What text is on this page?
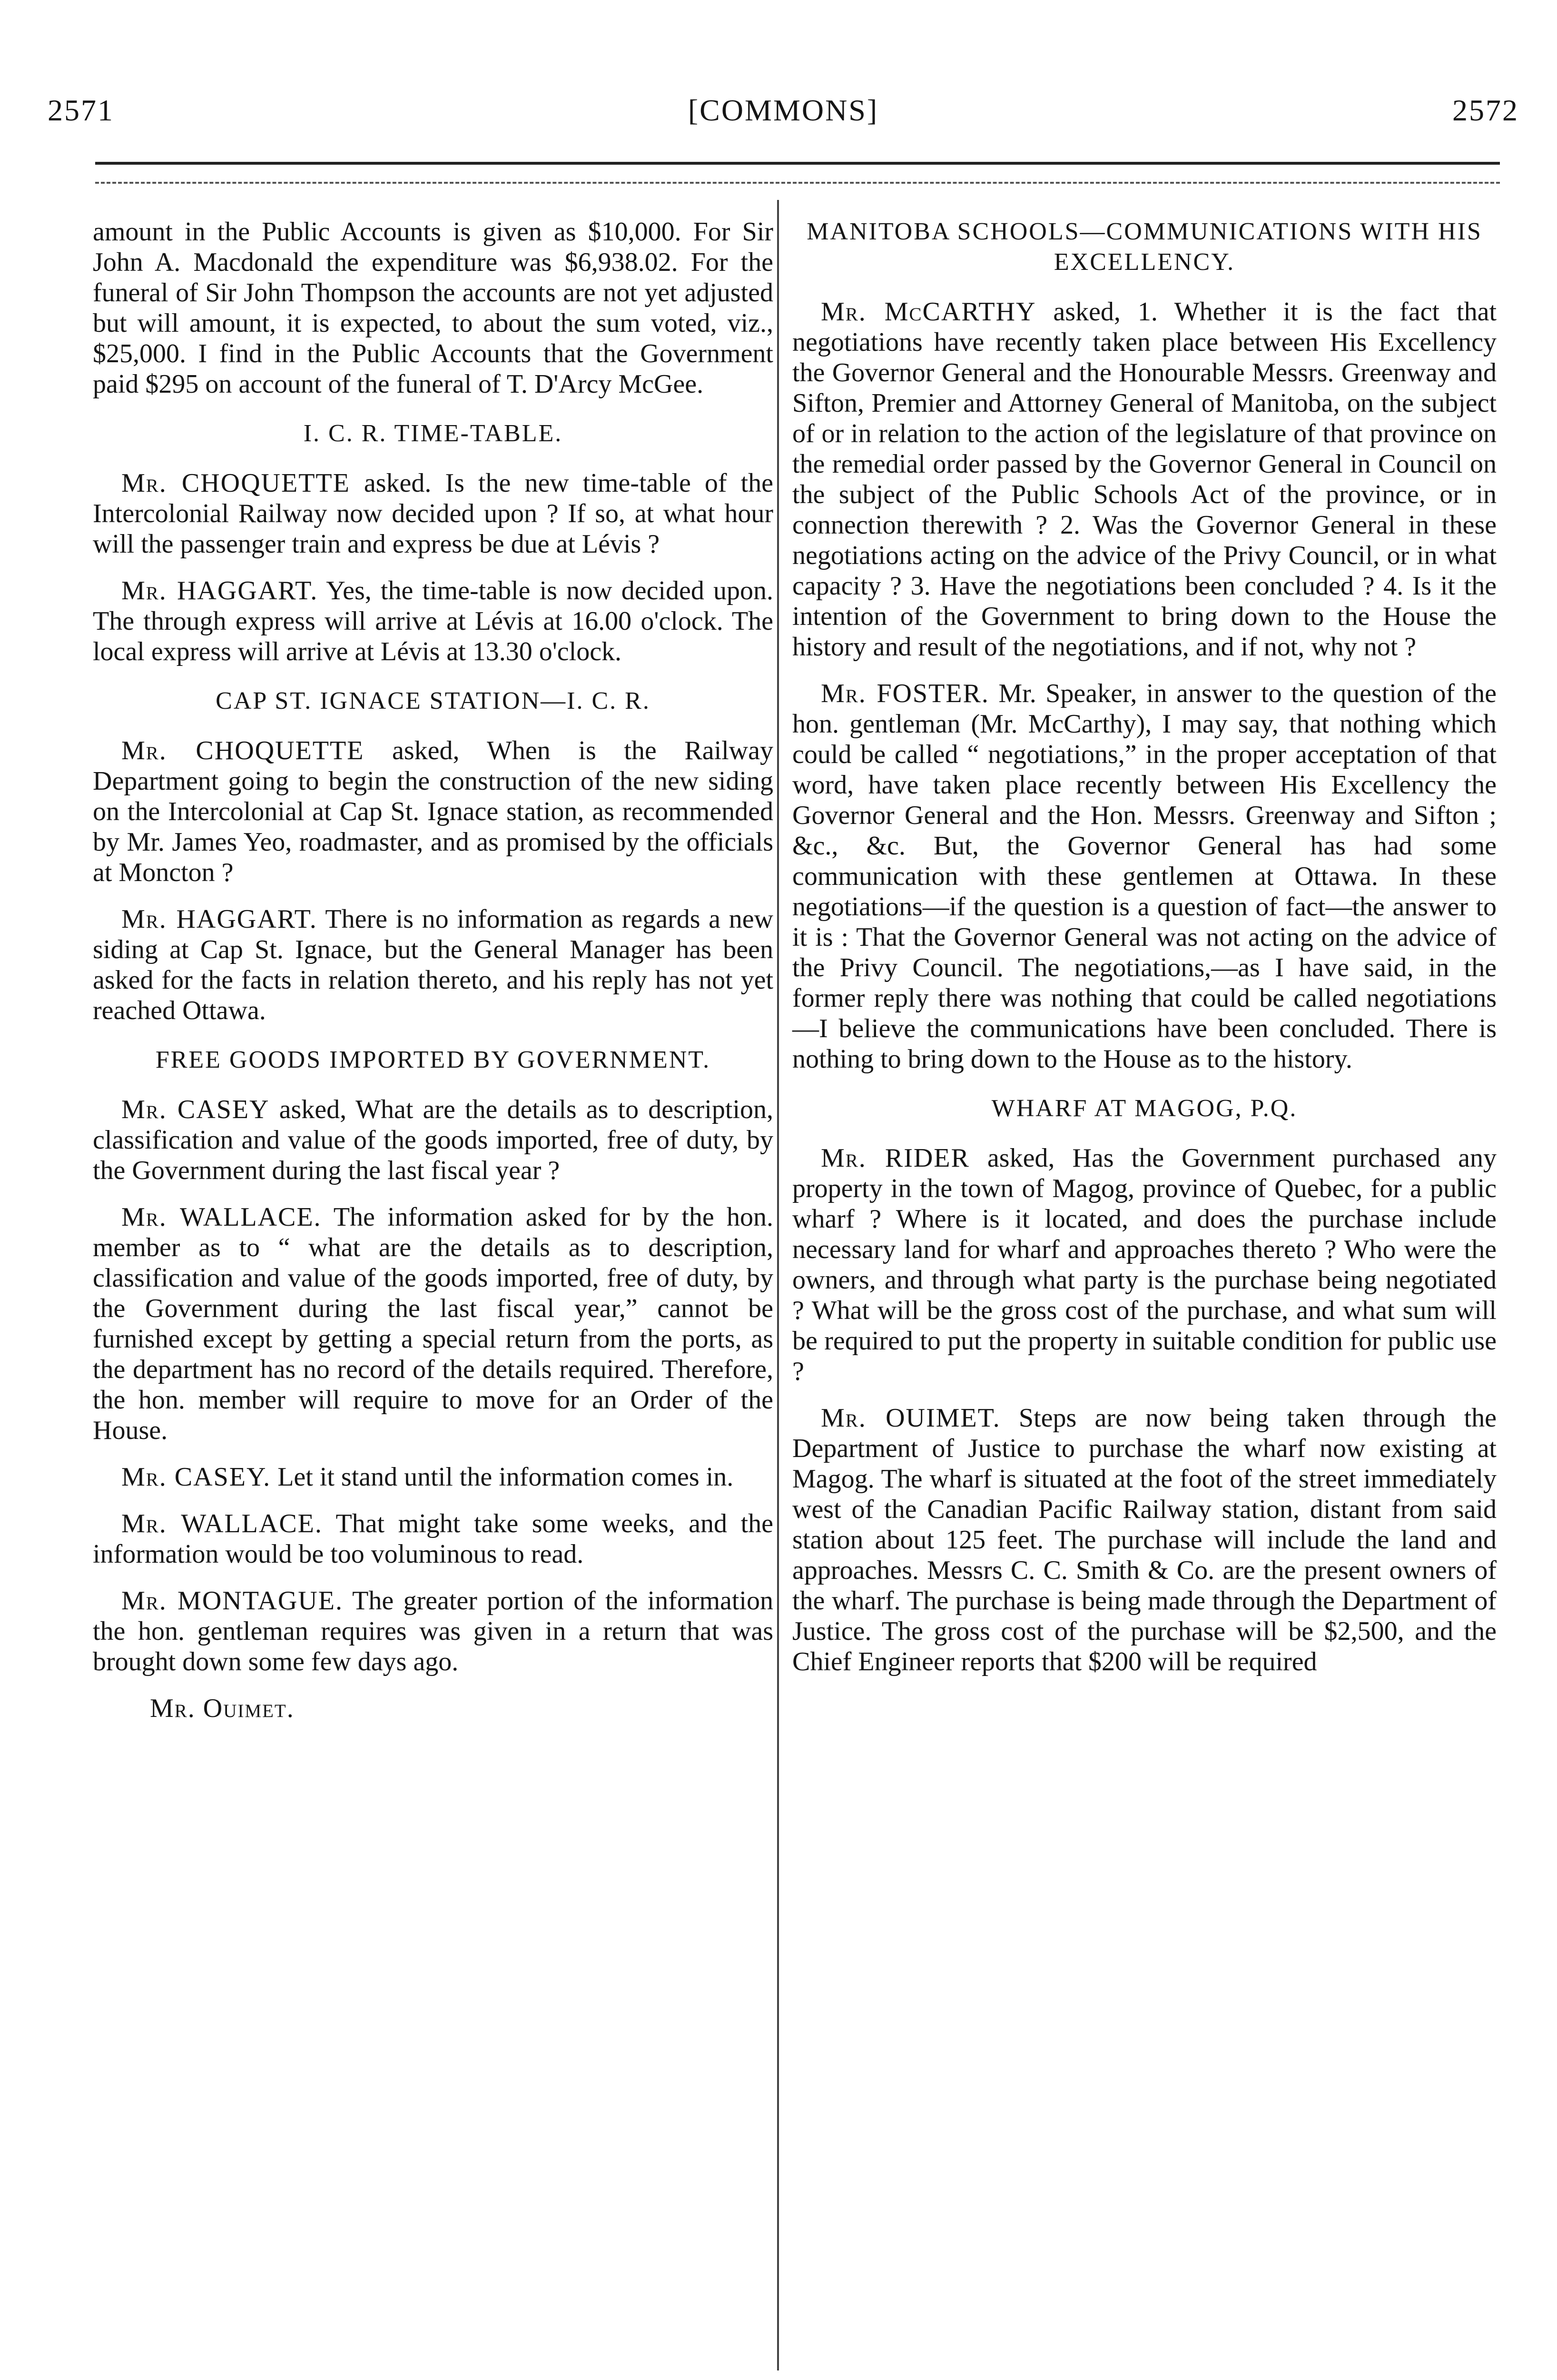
2571	[COMMONS]	2572

amount in the Public Accounts is given as $10,000. For Sir John A. Macdonald the expenditure was $6,938.02. For the funeral of Sir John Thompson the accounts are not yet adjusted but will amount, it is expected, to about the sum voted, viz., $25,000. I find in the Public Accounts that the Government paid $295 on account of the funeral of T. D'Arcy McGee.

I. C. R. TIME-TABLE.

Mr. CHOQUETTE asked. Is the new time-table of the Intercolonial Railway now decided upon ? If so, at what hour will the passenger train and express be due at Lévis ?

Mr. HAGGART. Yes, the time-table is now decided upon. The through express will arrive at Lévis at 16.00 o'clock. The local express will arrive at Lévis at 13.30 o'clock.

CAP ST. IGNACE STATION—I. C. R.

Mr. CHOQUETTE asked, When is the Railway Department going to begin the construction of the new siding on the Intercolonial at Cap St. Ignace station, as recommended by Mr. James Yeo, roadmaster, and as promised by the officials at Moncton ?

Mr. HAGGART. There is no information as regards a new siding at Cap St. Ignace, but the General Manager has been asked for the facts in relation thereto, and his reply has not yet reached Ottawa.

FREE GOODS IMPORTED BY GOVERNMENT.

Mr. CASEY asked, What are the details as to description, classification and value of the goods imported, free of duty, by the Government during the last fiscal year ?

Mr. WALLACE. The information asked for by the hon. member as to “ what are the details as to description, classification and value of the goods imported, free of duty, by the Government during the last fiscal year,” cannot be furnished except by getting a special return from the ports, as the department has no record of the details required. Therefore, the hon. member will require to move for an Order of the House.

Mr. CASEY. Let it stand until the information comes in.

Mr. WALLACE. That might take some weeks, and the information would be too voluminous to read.

Mr. MONTAGUE. The greater portion of the information the hon. gentleman requires was given in a return that was brought down some few days ago.

Mr. Ouimet.

MANITOBA SCHOOLS—COMMUNICATIONS WITH HIS EXCELLENCY.

Mr. McCARTHY asked, 1. Whether it is the fact that negotiations have recently taken place between His Excellency the Governor General and the Honourable Messrs. Greenway and Sifton, Premier and Attorney General of Manitoba, on the subject of or in relation to the action of the legislature of that province on the remedial order passed by the Governor General in Council on the subject of the Public Schools Act of the province, or in connection therewith ? 2. Was the Governor General in these negotiations acting on the advice of the Privy Council, or in what capacity ? 3. Have the negotiations been concluded ? 4. Is it the intention of the Government to bring down to the House the history and result of the negotiations, and if not, why not ?

Mr. FOSTER. Mr. Speaker, in answer to the question of the hon. gentleman (Mr. McCarthy), I may say, that nothing which could be called “ negotiations,” in the proper acceptation of that word, have taken place recently between His Excellency the Governor General and the Hon. Messrs. Greenway and Sifton ; &c., &c. But, the Governor General has had some communication with these gentlemen at Ottawa. In these negotiations—if the question is a question of fact—the answer to it is : That the Governor General was not acting on the advice of the Privy Council. The negotiations,—as I have said, in the former reply there was nothing that could be called negotiations—I believe the communications have been concluded. There is nothing to bring down to the House as to the history.

WHARF AT MAGOG, P.Q.

Mr. RIDER asked, Has the Government purchased any property in the town of Magog, province of Quebec, for a public wharf ? Where is it located, and does the purchase include necessary land for wharf and approaches thereto ? Who were the owners, and through what party is the purchase being negotiated ? What will be the gross cost of the purchase, and what sum will be required to put the property in suitable condition for public use ?

Mr. OUIMET. Steps are now being taken through the Department of Justice to purchase the wharf now existing at Magog. The wharf is situated at the foot of the street immediately west of the Canadian Pacific Railway station, distant from said station about 125 feet. The purchase will include the land and approaches. Messrs C. C. Smith & Co. are the present owners of the wharf. The purchase is being made through the Department of Justice. The gross cost of the purchase will be $2,500, and the Chief Engineer reports that $200 will be required
